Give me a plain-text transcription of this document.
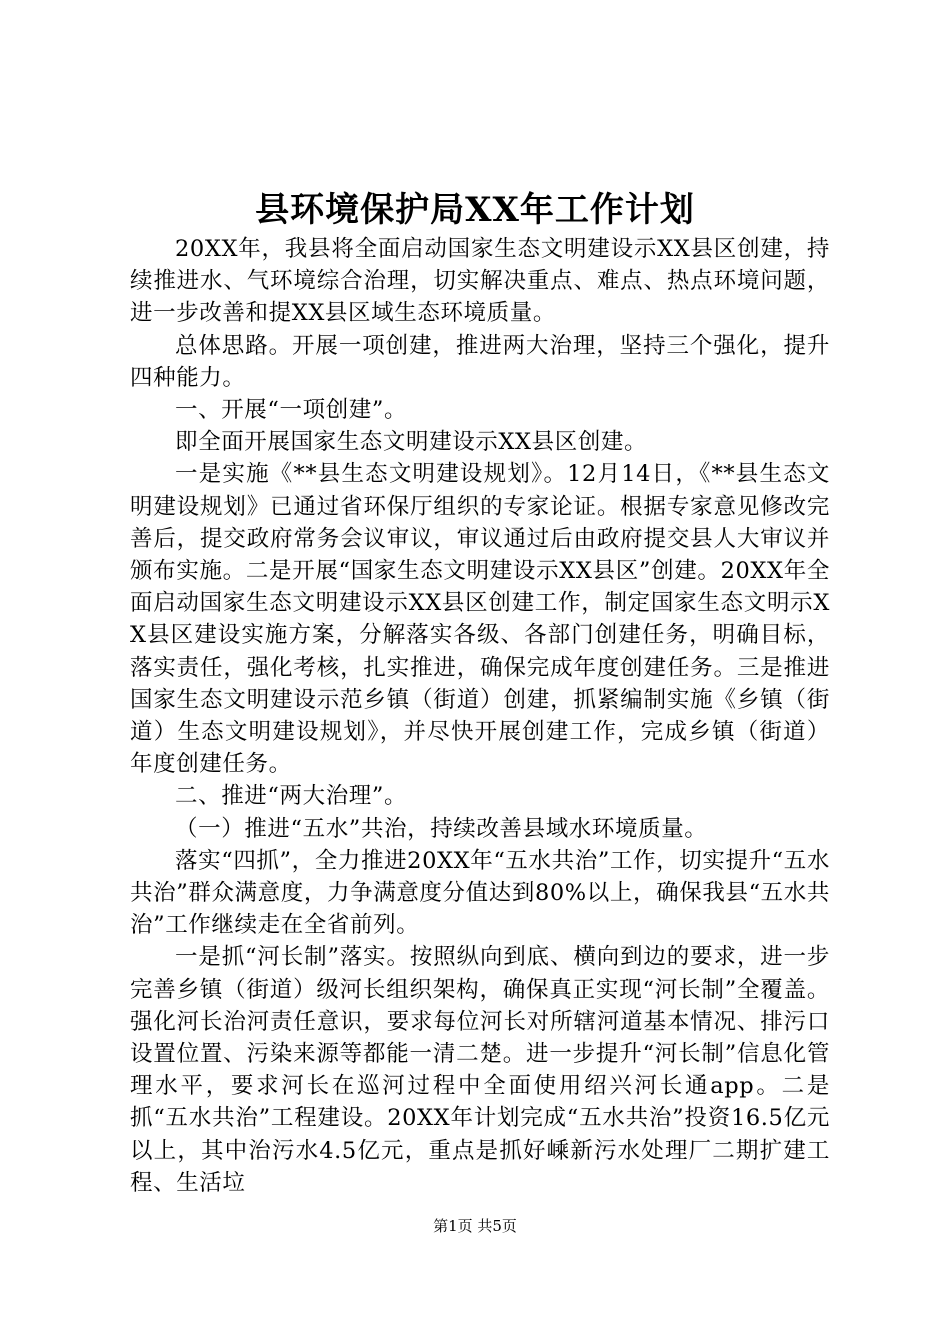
县环境保护局XX年工作计划

20XX年，我县将全面启动国家生态文明建设示XX县区创建，持续推进水、气环境综合治理，切实解决重点、难点、热点环境问题，进一步改善和提XX县区域生态环境质量。

总体思路。开展一项创建，推进两大治理，坚持三个强化，提升四种能力。

一、开展“一项创建”。

即全面开展国家生态文明建设示XX县区创建。

一是实施《**县生态文明建设规划》。12月14日，《**县生态文明建设规划》已通过省环保厅组织的专家论证。根据专家意见修改完善后，提交政府常务会议审议，审议通过后由政府提交县人大审议并颁布实施。二是开展“国家生态文明建设示XX县区”创建。20XX年全面启动国家生态文明建设示XX县区创建工作，制定国家生态文明示XX县区建设实施方案，分解落实各级、各部门创建任务，明确目标，落实责任，强化考核，扎实推进，确保完成年度创建任务。三是推进国家生态文明建设示范乡镇（街道）创建，抓紧编制实施《乡镇（街道）生态文明建设规划》，并尽快开展创建工作，完成乡镇（街道）年度创建任务。

二、推进“两大治理”。

（一）推进“五水”共治，持续改善县域水环境质量。

落实“四抓”，全力推进20XX年“五水共治”工作，切实提升“五水共治”群众满意度，力争满意度分值达到80%以上，确保我县“五水共治”工作继续走在全省前列。

一是抓“河长制”落实。按照纵向到底、横向到边的要求，进一步完善乡镇（街道）级河长组织架构，确保真正实现“河长制”全覆盖。强化河长治河责任意识，要求每位河长对所辖河道基本情况、排污口设置位置、污染来源等都能一清二楚。进一步提升“河长制”信息化管理水平，要求河长在巡河过程中全面使用绍兴河长通app。二是抓“五水共治”工程建设。20XX年计划完成“五水共治”投资16.5亿元以上，其中治污水4.5亿元，重点是抓好嵊新污水处理厂二期扩建工程、生活垃

第1页 共5页
